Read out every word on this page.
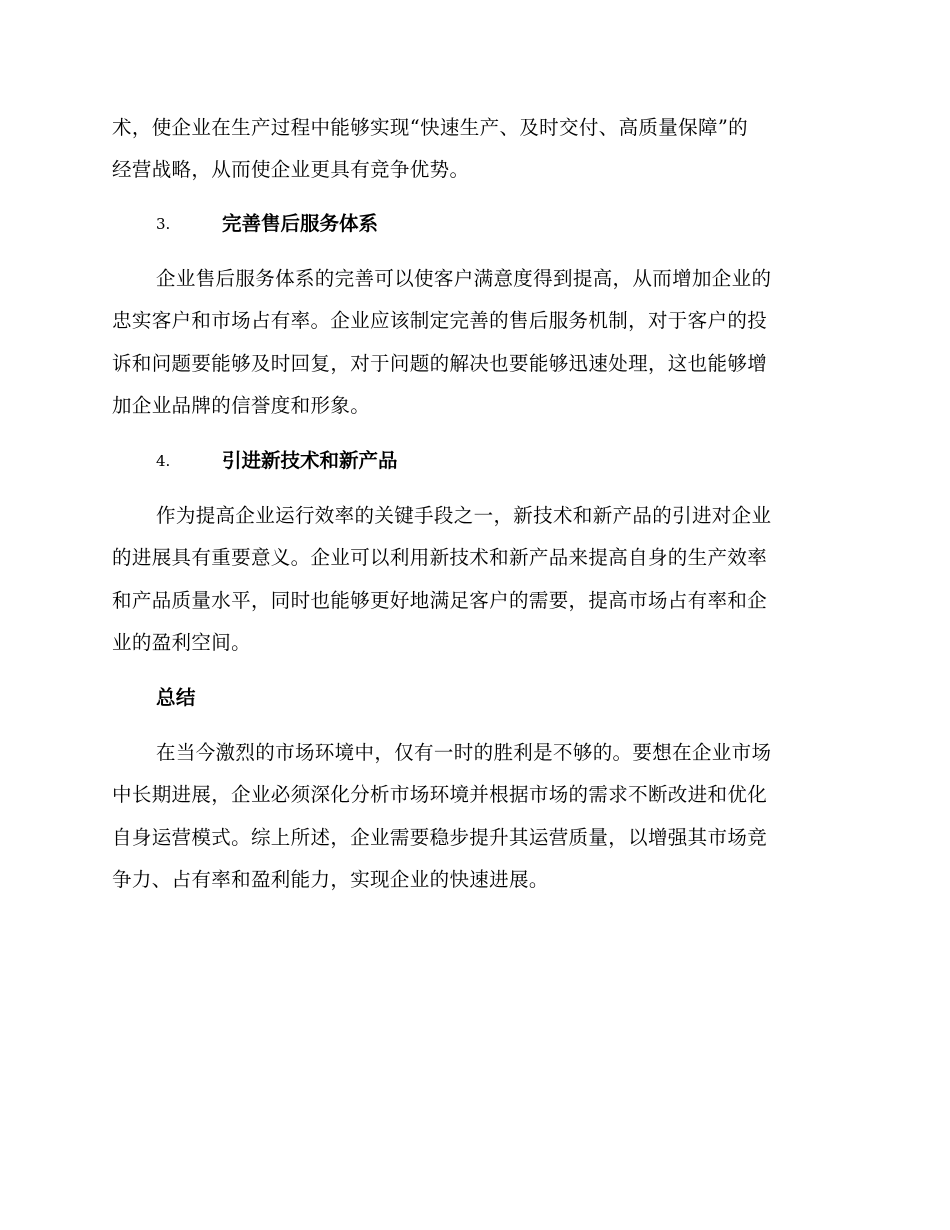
术，使企业在生产过程中能够实现“快速生产、及时交付、高质量保障”的
经营战略，从而使企业更具有竞争优势。
3.	完善售后服务体系
企业售后服务体系的完善可以使客户满意度得到提高，从而增加企业的
忠实客户和市场占有率。企业应该制定完善的售后服务机制，对于客户的投
诉和问题要能够及时回复，对于问题的解决也要能够迅速处理，这也能够增
加企业品牌的信誉度和形象。
4.	引进新技术和新产品
作为提高企业运行效率的关键手段之一，新技术和新产品的引进对企业
的进展具有重要意义。企业可以利用新技术和新产品来提高自身的生产效率
和产品质量水平，同时也能够更好地满足客户的需要，提高市场占有率和企
业的盈利空间。
总结
在当今激烈的市场环境中，仅有一时的胜利是不够的。要想在企业市场
中长期进展，企业必须深化分析市场环境并根据市场的需求不断改进和优化
自身运营模式。综上所述，企业需要稳步提升其运营质量，以增强其市场竞
争力、占有率和盈利能力，实现企业的快速进展。
